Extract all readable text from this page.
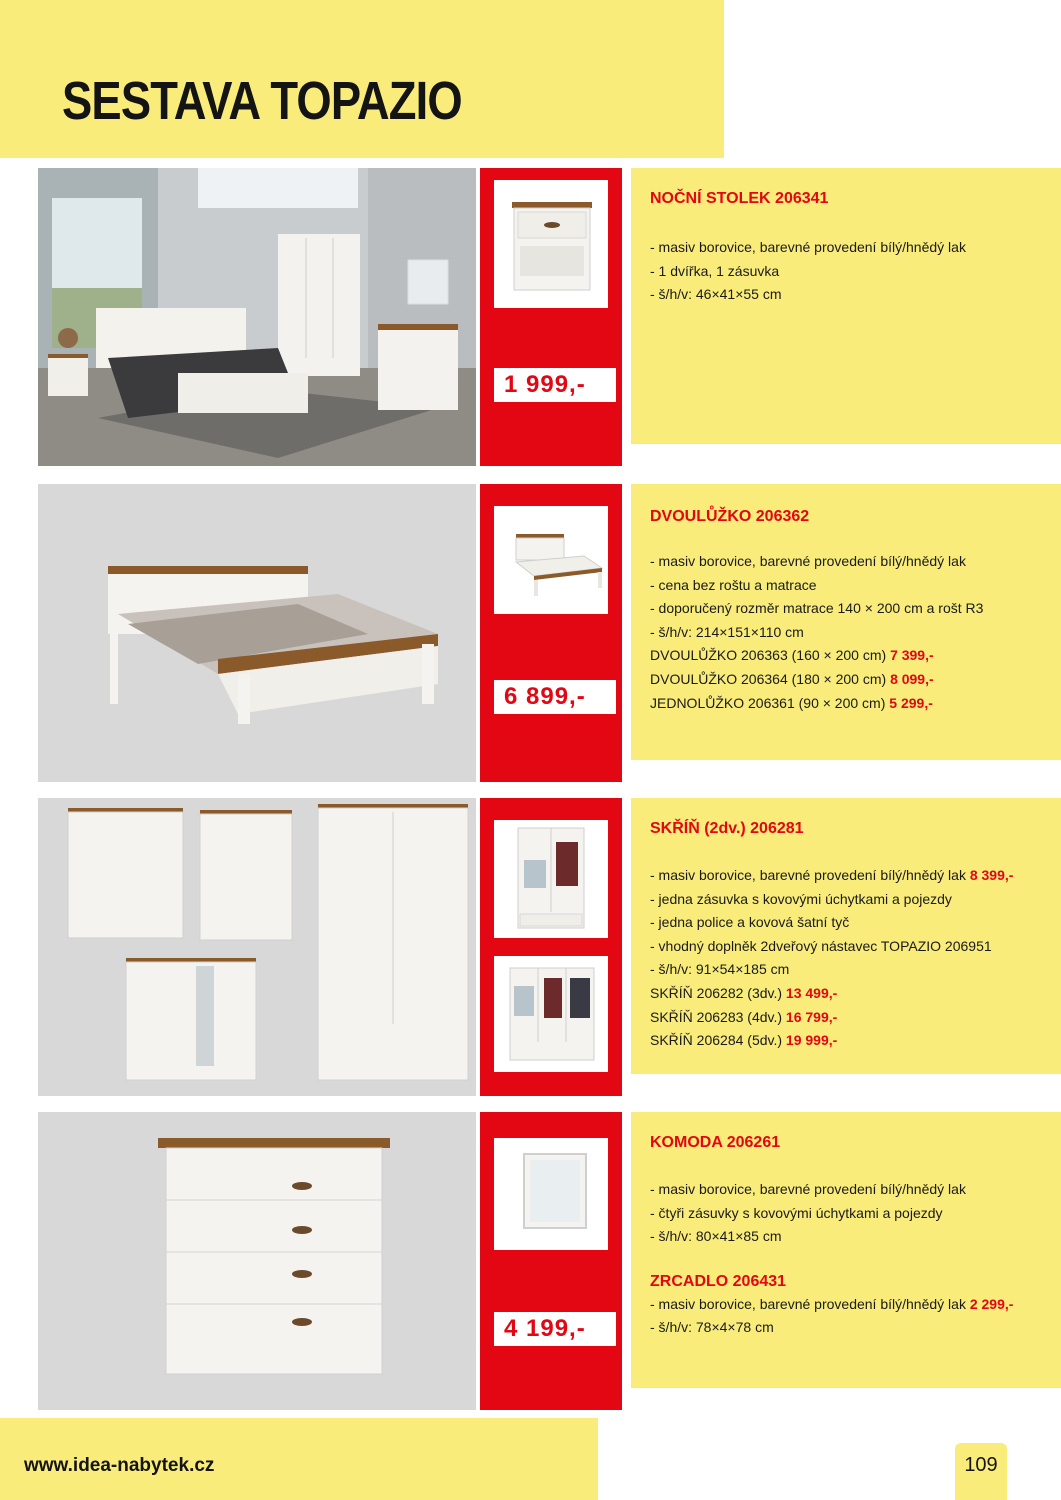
SESTAVA TOPAZIO
1 999,-

NOČNÍ STOLEK 206341

- masiv borovice, barevné provedení bílý/hnědý lak
- 1 dvířka, 1 zásuvka
- š/h/v: 46×41×55 cm
6 899,-

DVOULŮŽKO 206362

- masiv borovice, barevné provedení bílý/hnědý lak
- cena bez roštu a matrace
- doporučený rozměr matrace 140 × 200 cm a rošt R3
- š/h/v: 214×151×110 cm
DVOULŮŽKO 206363 (160 × 200 cm) 7 399,-
DVOULŮŽKO 206364 (180 × 200 cm) 8 099,-
JEDNOLŮŽKO 206361 (90 × 200 cm) 5 299,-

SKŘÍŇ (2dv.) 206281

- masiv borovice, barevné provedení bílý/hnědý lak 8 399,-
- jedna zásuvka s kovovými úchytkami a pojezdy
- jedna police a kovová šatní tyč
- vhodný doplněk 2dveřový nástavec TOPAZIO 206951
- š/h/v: 91×54×185 cm
SKŘÍŇ 206282 (3dv.) 13 499,-
SKŘÍŇ 206283 (4dv.) 16 799,-
SKŘÍŇ 206284 (5dv.) 19 999,-
4 199,-

KOMODA 206261

- masiv borovice, barevné provedení bílý/hnědý lak
- čtyři zásuvky s kovovými úchytkami a pojezdy
- š/h/v: 80×41×85 cm

ZRCADLO 206431

- masiv borovice, barevné provedení bílý/hnědý lak 2 299,-
- š/h/v: 78×4×78 cm
www.idea-nabytek.cz	109
